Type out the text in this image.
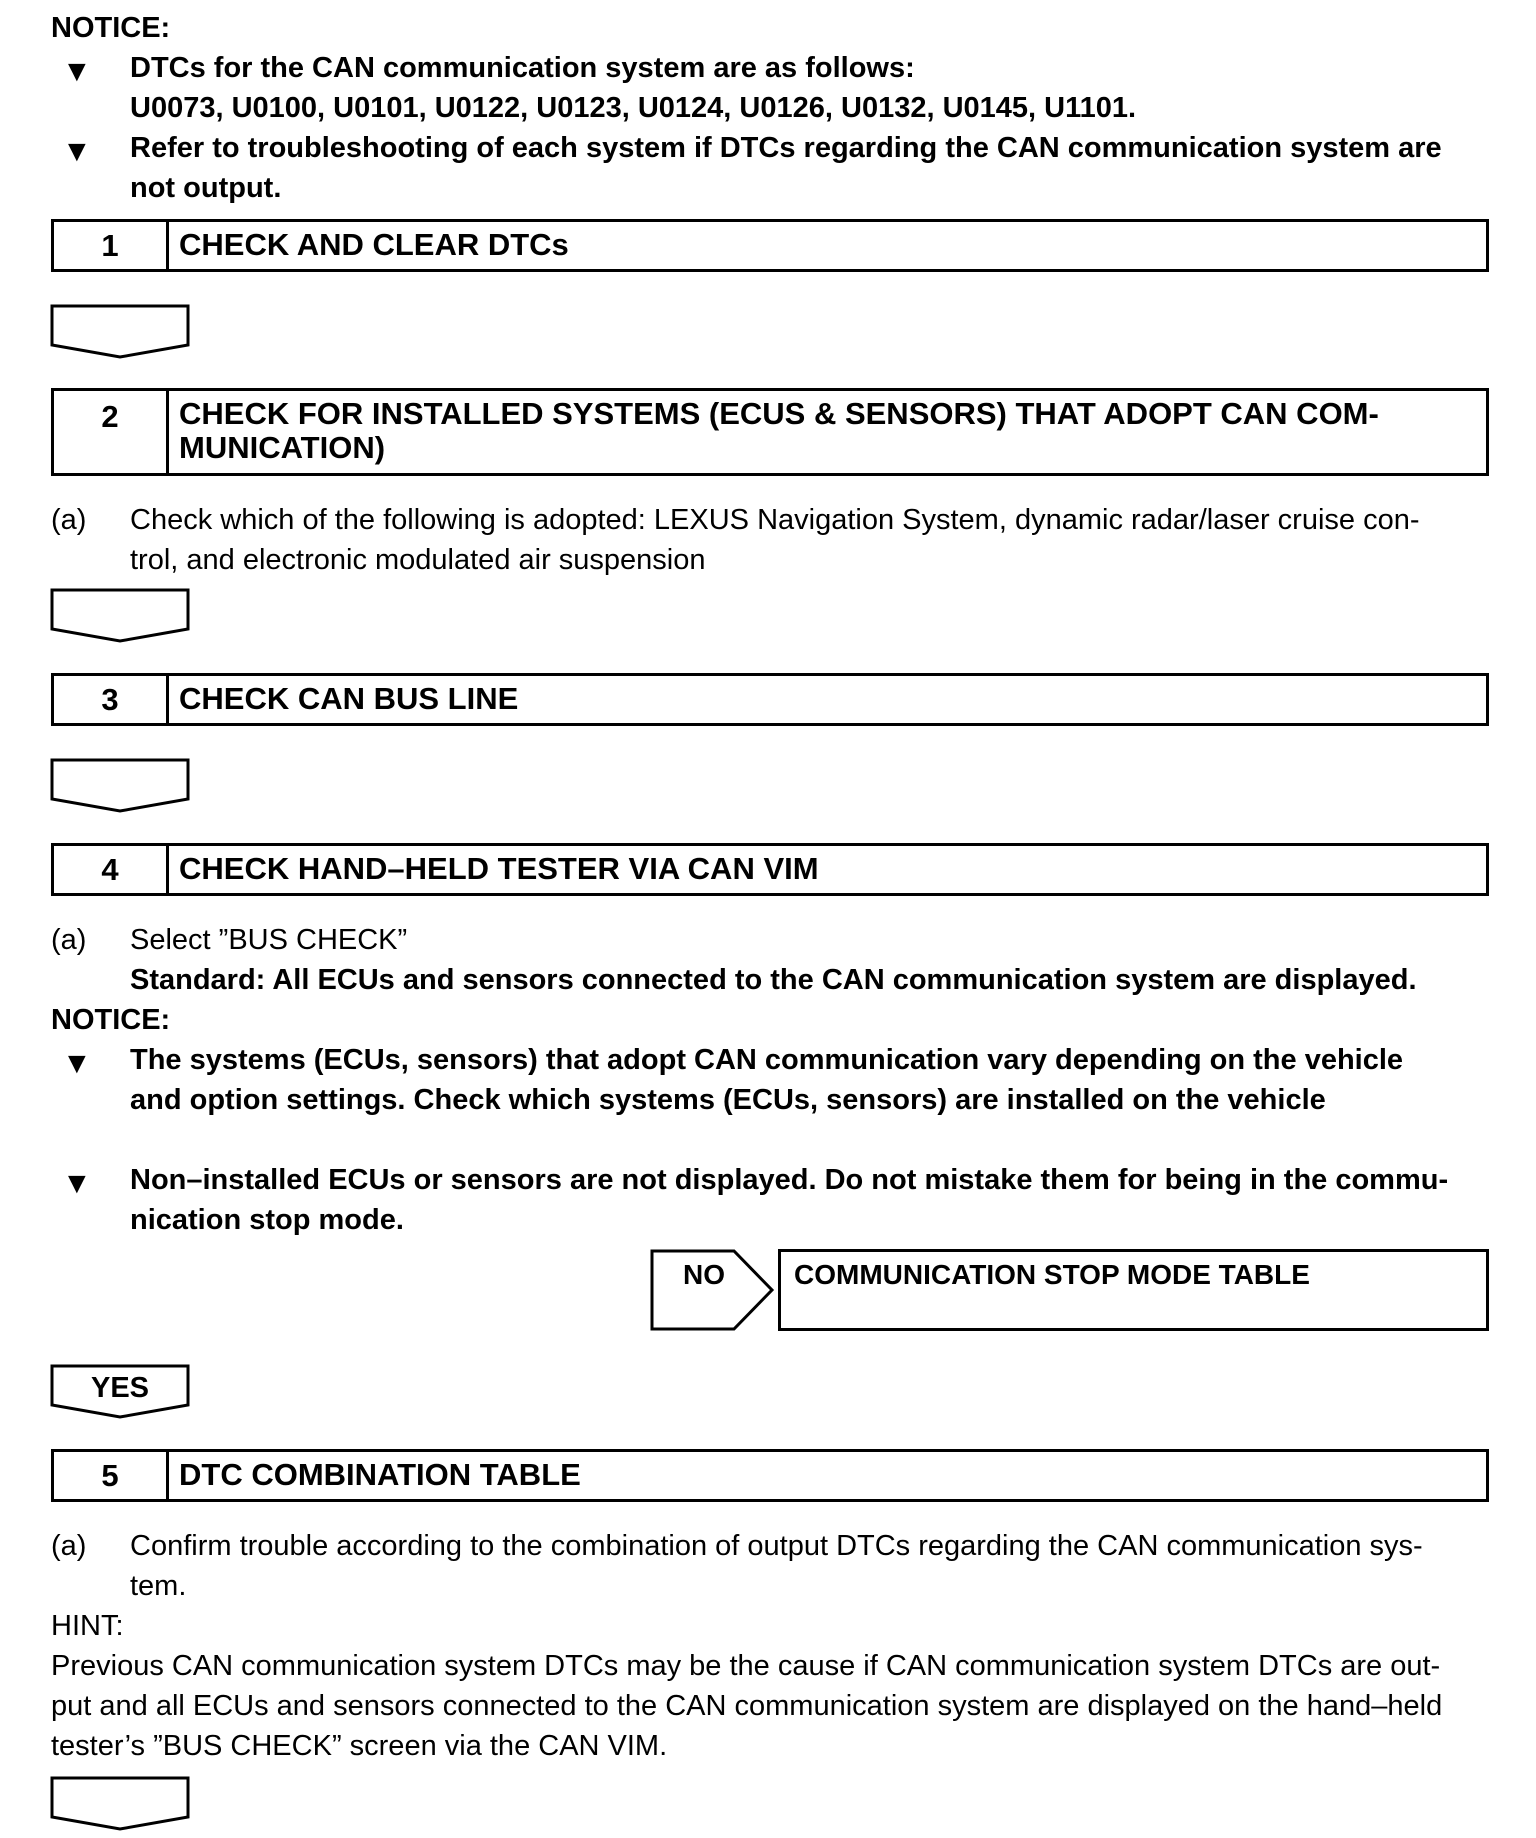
NOTICE:
▼ DTCs for the CAN communication system are as follows:
U0073, U0100, U0101, U0122, U0123, U0124, U0126, U0132, U0145, U1101.
▼ Refer to troubleshooting of each system if DTCs regarding the CAN communication system are
not output.
1	CHECK AND CLEAR DTCs
2	CHECK FOR INSTALLED SYSTEMS (ECUS & SENSORS) THAT ADOPT CAN COM-
MUNICATION)
(a) Check which of the following is adopted: LEXUS Navigation System, dynamic radar/laser cruise con-
trol, and electronic modulated air suspension
3	CHECK CAN BUS LINE
4	CHECK HAND–HELD TESTER VIA CAN VIM
(a) Select ”BUS CHECK”
Standard: All ECUs and sensors connected to the CAN communication system are displayed.
NOTICE:
▼ The systems (ECUs, sensors) that adopt CAN communication vary depending on the vehicle
and option settings. Check which systems (ECUs, sensors) are installed on the vehicle
▼ Non–installed ECUs or sensors are not displayed. Do not mistake them for being in the commu-
nication stop mode.
NO COMMUNICATION STOP MODE TABLE
YES
5	DTC COMBINATION TABLE
(a) Confirm trouble according to the combination of output DTCs regarding the CAN communication sys-
tem.
HINT:
Previous CAN communication system DTCs may be the cause if CAN communication system DTCs are out-
put and all ECUs and sensors connected to the CAN communication system are displayed on the hand–held
tester’s ”BUS CHECK” screen via the CAN VIM.
